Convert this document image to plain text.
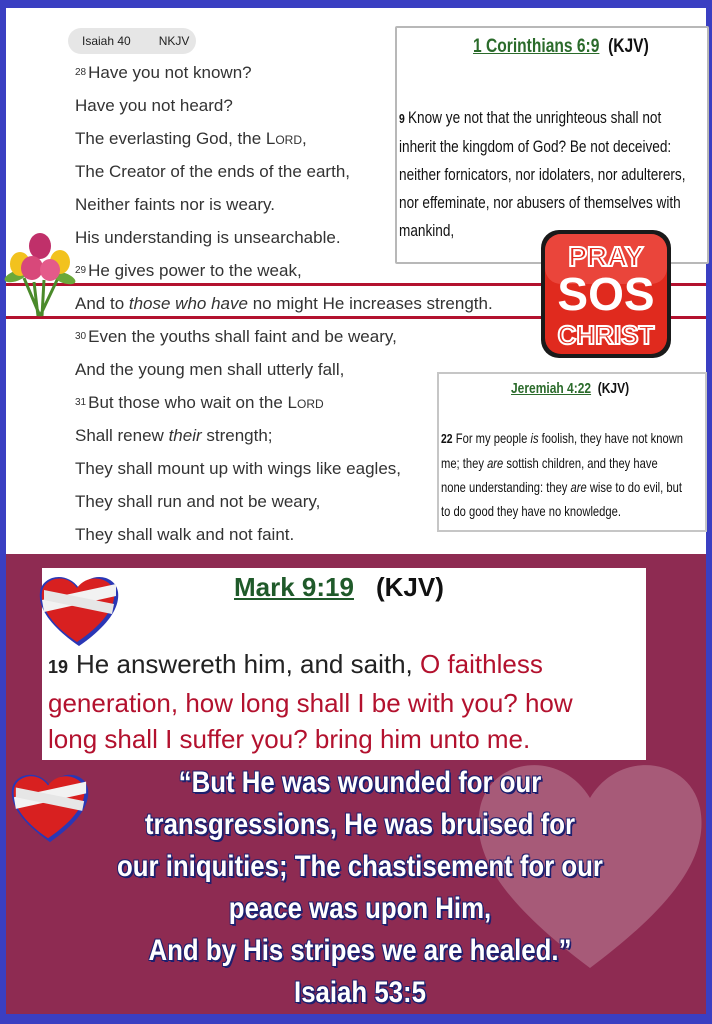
Isaiah 40 NKJV
$^{28}$ Have you not known?
Have you not heard?
The everlasting God, the Lord,
The Creator of the ends of the earth,
Neither faints nor is weary.
His understanding is unsearchable.
$^{29}$ He gives power to the weak,
And to those who have no might He increases strength.
$^{30}$ Even the youths shall faint and be weary,
And the young men shall utterly fall,
$^{31}$ But those who wait on the Lord
Shall renew their strength;
They shall mount up with wings like eagles,
They shall run and not be weary,
They shall walk and not faint.
1 Corinthians 6:9 (KJV)
9 Know ye not that the unrighteous shall not
inherit the kingdom of God? Be not deceived:
neither fornicators, nor idolaters, nor adulterers,
nor effeminate, nor abusers of themselves with
mankind,
PRAY
SOS
CHRIST
Jeremiah 4:22 (KJV)
22 For my people is foolish, they have not known
me; they are sottish children, and they have
none understanding: they are wise to do evil, but
to do good they have no knowledge.
Mark 9:19 (KJV)
19 He answereth him, and saith, O faithless
generation, how long shall I be with you? how
long shall I suffer you? bring him unto me.
“But He was wounded for our
transgressions, He was bruised for
our iniquities; The chastisement for our
peace was upon Him,
And by His stripes we are healed.”
Isaiah 53:5
